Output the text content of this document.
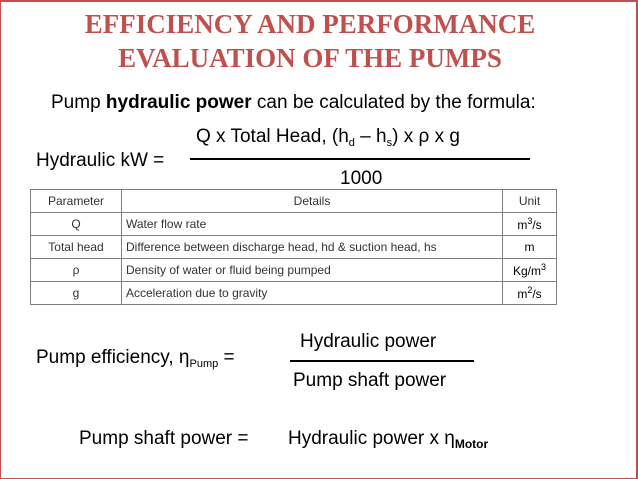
EFFICIENCY AND PERFORMANCE
EVALUATION OF THE PUMPS
Pump hydraulic power can be calculated by the formula:
Q x Total Head, $(h_d - h_s)$ x ρ x g
Hydraulic kW =
1000
Parameter	Details	Unit
Q	Water flow rate	$m^3/s$
Total head	Difference between discharge head, hd & suction head, hs	m
ρ	Density of water or fluid being pumped	$Kg/m^3$
g	Acceleration due to gravity	$m^2/s$
Hydraulic power
Pump efficiency, $\eta_{Pump}$ =
Pump shaft power
Pump shaft power = Hydraulic power x $\eta_{Motor}$
